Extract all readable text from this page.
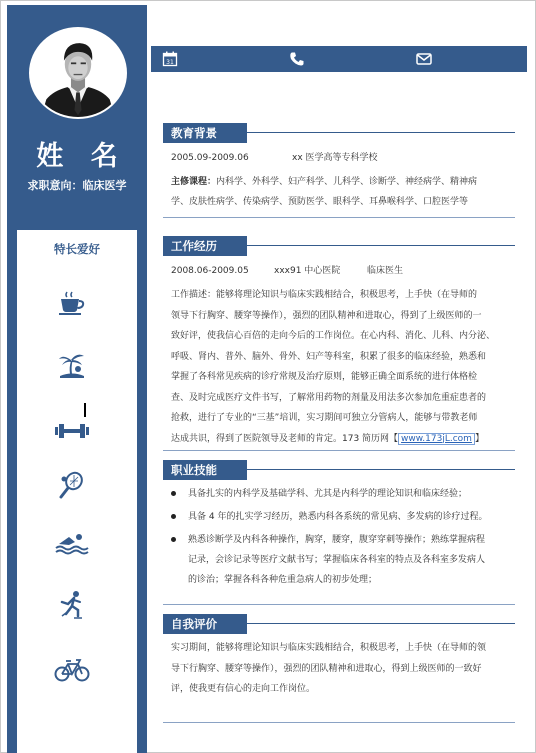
姓 名
求职意向：临床医学
特长爱好
31
教育背景
2005.09-2009.06	xx 医学高等专科学校
主修课程：内科学、外科学、妇产科学、儿科学、诊断学、神经病学、精神病
学、皮肤性病学、传染病学、预防医学、眼科学、耳鼻喉科学、口腔医学等
工作经历
2008.06-2009.05	xxx91 中心医院	临床医生
工作描述：能够将理论知识与临床实践相结合，积极思考，上手快（在导师的
领导下行胸穿、腰穿等操作），强烈的团队精神和进取心，得到了上级医师的一
致好评，使我信心百倍的走向今后的工作岗位。在心内科、消化、儿科、内分泌、
呼吸、肾内、普外、脑外、骨外、妇产等科室，积累了很多的临床经验，熟悉和
掌握了各科常见疾病的诊疗常规及治疗原则，能够正确全面系统的进行体格检
查、及时完成医疗文件书写，了解常用药物的剂量及用法多次参加危重症患者的
抢救，进行了专业的“三基”培训，实习期间可独立分管病人，能够与带教老师
达成共识，得到了医院领导及老师的肯定。173 简历网【 www.173jL.com 】
职业技能
具备扎实的内科学及基础学科、尤其是内科学的理论知识和临床经验；
具备 4 年的扎实学习经历，熟悉内科各系统的常见病、多发病的诊疗过程。
熟悉诊断学及内科各种操作，胸穿，腰穿，腹穿穿刺等操作；熟练掌握病程
记录，会诊记录等医疗文献书写；掌握临床各科室的特点及各科室多发病人
的诊治；掌握各科各种危重急病人的初步处理；
自我评价
实习期间，能够将理论知识与临床实践相结合，积极思考，上手快（在导师的领
导下行胸穿、腰穿等操作），强烈的团队精神和进取心，得到上级医师的一致好
评，使我更有信心的走向工作岗位。
